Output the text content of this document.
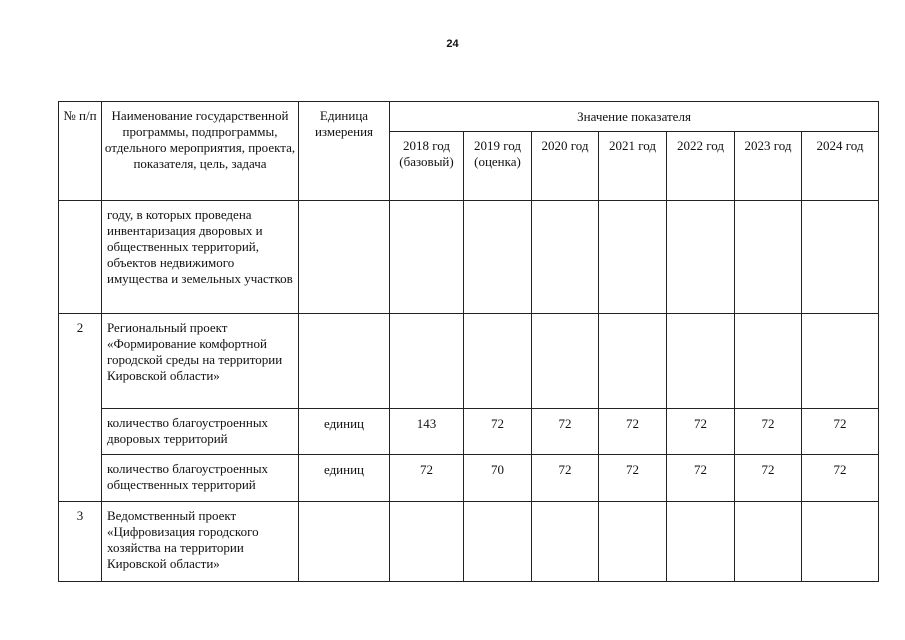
24
№ п/п	Наименование государственной программы, подпрограммы, отдельного мероприятия, проекта, показателя, цель, задача	Единица измерения	Значение показателя						
			2018 год (базовый)	2019 год (оценка)	2020 год	2021 год	2022 год	2023 год	2024 год
	году, в которых проведена инвентаризация дворовых и общественных территорий, объектов недвижимого имущества и земельных участков								
2	Региональный проект «Формирование комфортной городской среды на территории Кировской области»								
	количество благоустроенных дворовых территорий	единиц	143	72	72	72	72	72	72
	количество благоустроенных общественных территорий	единиц	72	70	72	72	72	72	72
3	Ведомственный проект «Цифровизация городского хозяйства на территории Кировской области»								
